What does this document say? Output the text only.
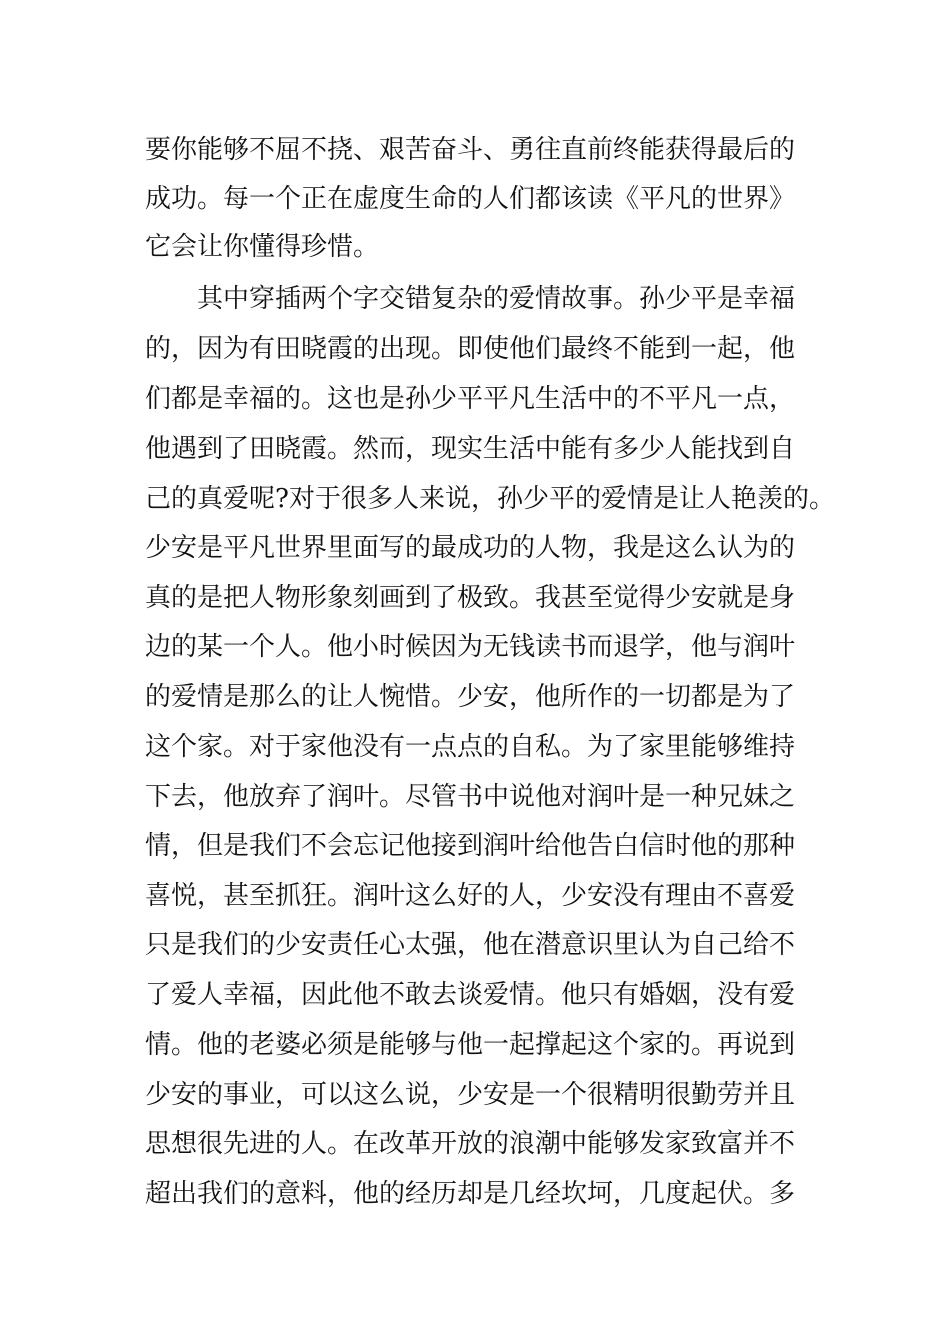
要你能够不屈不挠、艰苦奋斗、勇往直前终能获得最后的
成功。每一个正在虚度生命的人们都该读《平凡的世界》
它会让你懂得珍惜。
其中穿插两个字交错复杂的爱情故事。孙少平是幸福
的，因为有田晓霞的出现。即使他们最终不能到一起，他
们都是幸福的。这也是孙少平平凡生活中的不平凡一点，
他遇到了田晓霞。然而，现实生活中能有多少人能找到自
己的真爱呢?对于很多人来说，孙少平的爱情是让人艳羡的。
少安是平凡世界里面写的最成功的人物，我是这么认为的
真的是把人物形象刻画到了极致。我甚至觉得少安就是身
边的某一个人。他小时候因为无钱读书而退学，他与润叶
的爱情是那么的让人惋惜。少安，他所作的一切都是为了
这个家。对于家他没有一点点的自私。为了家里能够维持
下去，他放弃了润叶。尽管书中说他对润叶是一种兄妹之
情，但是我们不会忘记他接到润叶给他告白信时他的那种
喜悦，甚至抓狂。润叶这么好的人，少安没有理由不喜爱
只是我们的少安责任心太强，他在潜意识里认为自己给不
了爱人幸福，因此他不敢去谈爱情。他只有婚姻，没有爱
情。他的老婆必须是能够与他一起撑起这个家的。再说到
少安的事业，可以这么说，少安是一个很精明很勤劳并且
思想很先进的人。在改革开放的浪潮中能够发家致富并不
超出我们的意料，他的经历却是几经坎坷，几度起伏。多
